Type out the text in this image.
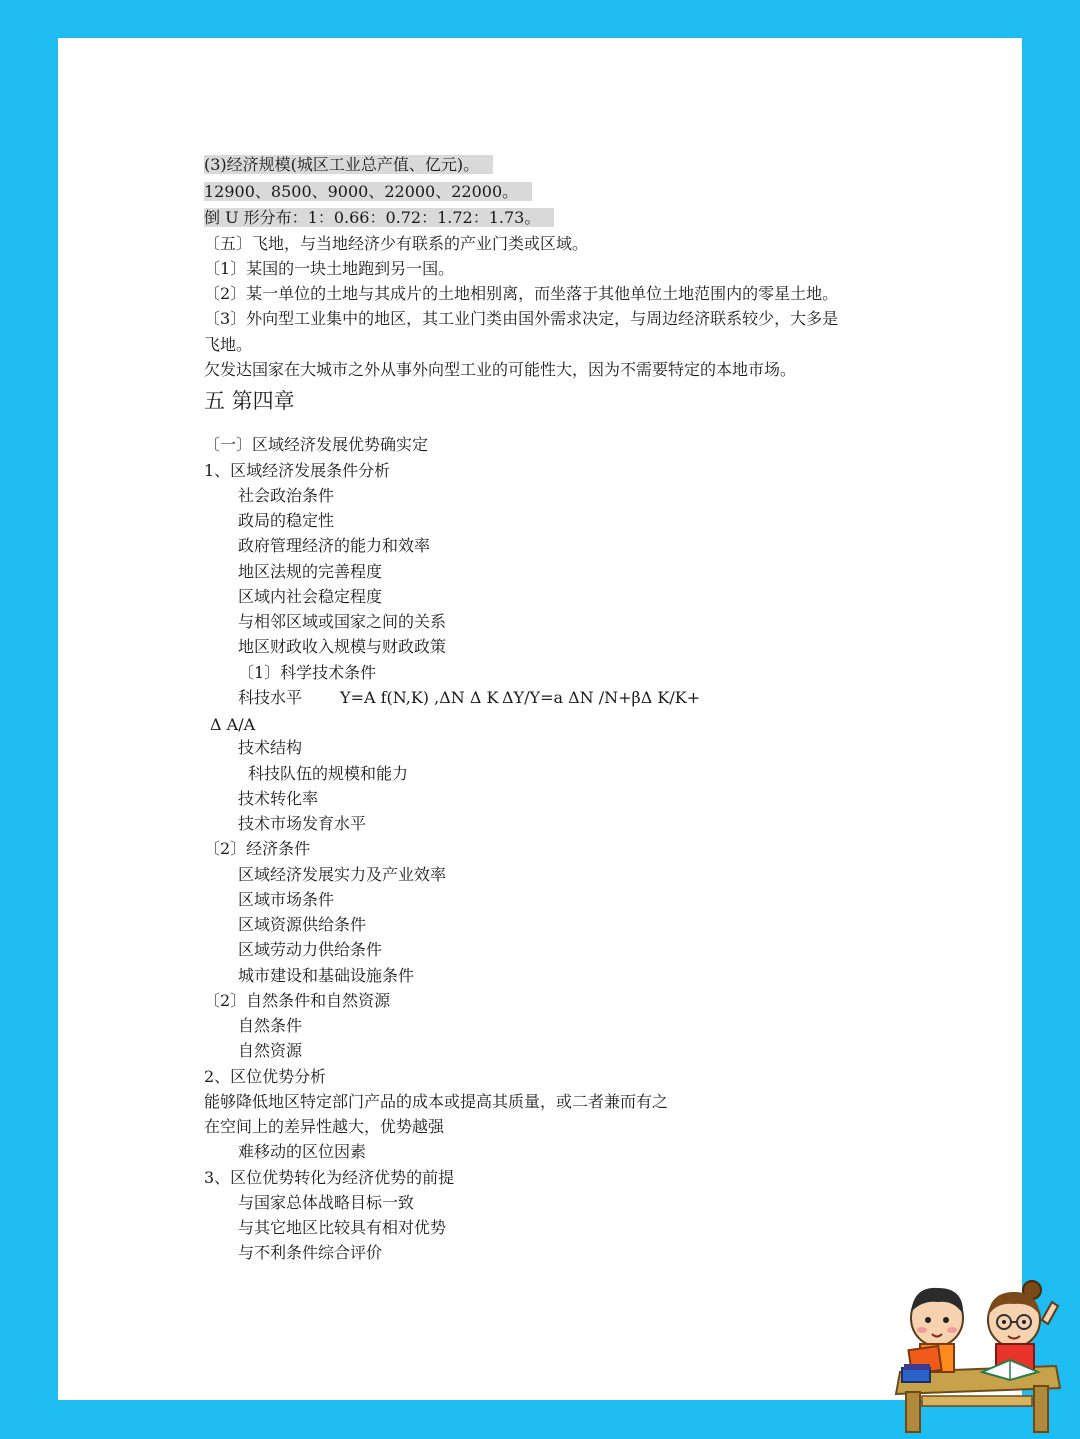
(3)经济规模(城区工业总产值、亿元)。
12900、8500、9000、22000、22000。
倒 U 形分布：1：0.66：0.72：1.72：1.73。
〔五〕飞地，与当地经济少有联系的产业门类或区域。
〔1〕某国的一块土地跑到另一国。
〔2〕某一单位的土地与其成片的土地相别离，而坐落于其他单位土地范围内的零星土地。
〔3〕外向型工业集中的地区，其工业门类由国外需求决定，与周边经济联系较少，大多是
飞地。
欠发达国家在大城市之外从事外向型工业的可能性大，因为不需要特定的本地市场。
五 第四章
〔一〕区域经济发展优势确实定
1、区域经济发展条件分析
社会政治条件
政局的稳定性
政府管理经济的能力和效率
地区法规的完善程度
区域内社会稳定程度
与相邻区域或国家之间的关系
地区财政收入规模与财政政策
〔1〕科学技术条件
科技水平 Y=A f(N,K) ,ΔN Δ K ΔY/Y=a ΔN /N+βΔ K/K+
Δ A/A
技术结构
科技队伍的规模和能力
技术转化率
技术市场发育水平
〔2〕经济条件
区域经济发展实力及产业效率
区域市场条件
区域资源供给条件
区域劳动力供给条件
城市建设和基础设施条件
〔2〕自然条件和自然资源
自然条件
自然资源
2、区位优势分析
能够降低地区特定部门产品的成本或提高其质量，或二者兼而有之
在空间上的差异性越大，优势越强
难移动的区位因素
3、区位优势转化为经济优势的前提
与国家总体战略目标一致
与其它地区比较具有相对优势
与不利条件综合评价
